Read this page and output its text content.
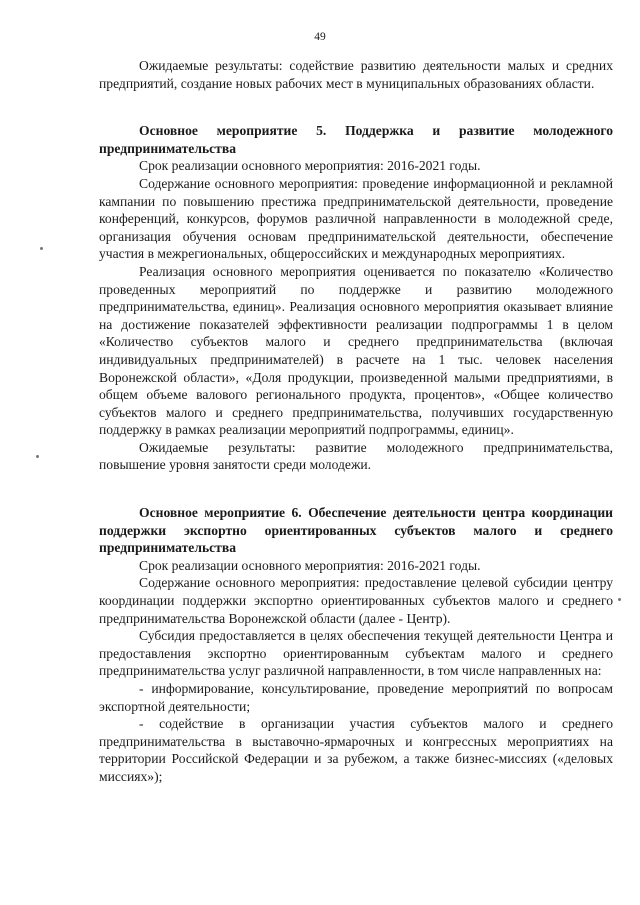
49

Ожидаемые результаты: содействие развитию деятельности малых и средних предприятий, создание новых рабочих мест в муниципальных образованиях области.

Основное мероприятие 5. Поддержка и развитие молодежного предпринимательства

Срок реализации основного мероприятия: 2016-2021 годы.

Содержание основного мероприятия: проведение информационной и рекламной кампании по повышению престижа предпринимательской деятельности, проведение конференций, конкурсов, форумов различной направленности в молодежной среде, организация обучения основам предпринимательской деятельности, обеспечение участия в межрегиональных, общероссийских и международных мероприятиях.

Реализация основного мероприятия оценивается по показателю «Количество проведенных мероприятий по поддержке и развитию молодежного предпринимательства, единиц». Реализация основного мероприятия оказывает влияние на достижение показателей эффективности реализации подпрограммы 1 в целом «Количество субъектов малого и среднего предпринимательства (включая индивидуальных предпринимателей) в расчете на 1 тыс. человек населения Воронежской области», «Доля продукции, произведенной малыми предприятиями, в общем объеме валового регионального продукта, процентов», «Общее количество субъектов малого и среднего предпринимательства, получивших государственную поддержку в рамках реализации мероприятий подпрограммы, единиц».

Ожидаемые результаты: развитие молодежного предпринимательства, повышение уровня занятости среди молодежи.

Основное мероприятие 6. Обеспечение деятельности центра координации поддержки экспортно ориентированных субъектов малого и среднего предпринимательства

Срок реализации основного мероприятия: 2016-2021 годы.

Содержание основного мероприятия: предоставление целевой субсидии центру координации поддержки экспортно ориентированных субъектов малого и среднего предпринимательства Воронежской области (далее - Центр).

Субсидия предоставляется в целях обеспечения текущей деятельности Центра и предоставления экспортно ориентированным субъектам малого и среднего предпринимательства услуг различной направленности, в том числе направленных на:

- информирование, консультирование, проведение мероприятий по вопросам экспортной деятельности;

- содействие в организации участия субъектов малого и среднего предпринимательства в выставочно-ярмарочных и конгрессных мероприятиях на территории Российской Федерации и за рубежом, а также бизнес-миссиях («деловых миссиях»);
